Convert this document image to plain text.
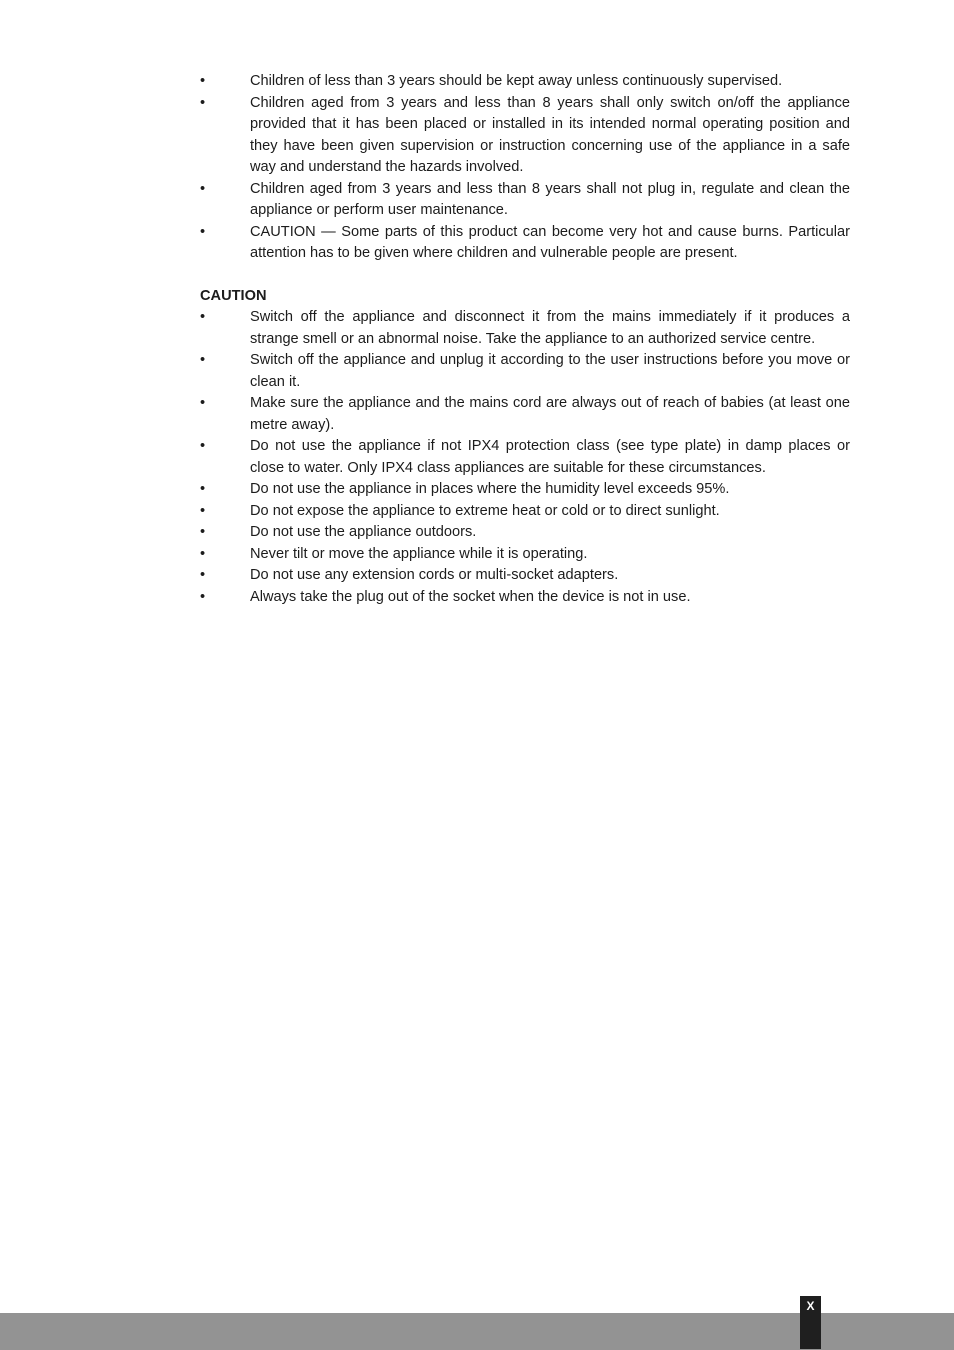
•	Children of less than 3 years should be kept away unless continuously supervised.
•	Children aged from 3 years and less than 8 years shall only switch on/off the appliance provided that it has been placed or installed in its intended normal operating position and they have been given supervision or instruction concerning use of the appliance in a safe way and understand the hazards involved.
•	Children aged from 3 years and less than 8 years shall not plug in, regulate and clean the appliance or perform user maintenance.
•	CAUTION — Some parts of this product can become very hot and cause burns. Particular attention has to be given where children and vulnerable people are present.
CAUTION
•	Switch off the appliance and disconnect it from the mains immediately if it produces a strange smell or an abnormal noise. Take the appliance to an authorized service centre.
•	Switch off the appliance and unplug it according to the user instructions before you move or clean it.
•	Make sure the appliance and the mains cord are always out of reach of babies (at least one metre away).
•	Do not use the appliance if not IPX4 protection class (see type plate) in damp places or close to water. Only IPX4 class appliances are suitable for these circumstances.
•	Do not use the appliance in places where the humidity level exceeds 95%.
•	Do not expose the appliance to extreme heat or cold or to direct sunlight.
•	Do not use the appliance outdoors.
•	Never tilt or move the appliance while it is operating.
•	Do not use any extension cords or multi-socket adapters.
•	Always take the plug out of the socket when the device is not in use.
X
